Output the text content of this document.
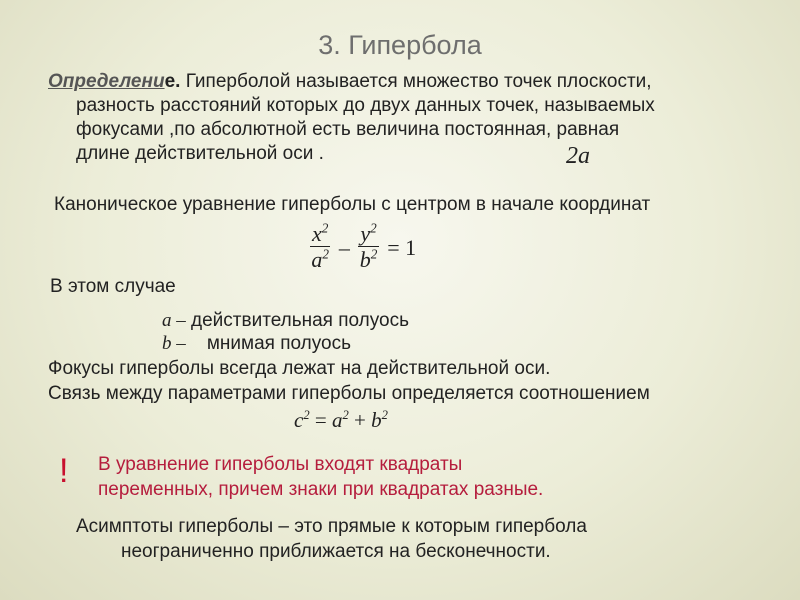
3. Гипербола
Определение. Гиперболой называется множество точек плоскости,
разность расстояний которых до двух данных точек, называемых
фокусами ,по абсолютной есть величина постоянная, равная
длине действительной оси .	2a
Каноническое уравнение гиперболы с центром в начале координат
$\frac{x^2}{a^2} - \frac{y^2}{b^2} = 1$
В этом случае
a – действительная полуось
b –    мнимая полуось
Фокусы гиперболы всегда лежат на действительной оси.
Связь между параметрами гиперболы определяется соотношением
$c^2 = a^2 + b^2$
! В уравнение гиперболы входят квадраты
переменных, причем знаки при квадратах разные.
Асимптоты гиперболы – это прямые к которым гипербола
неограниченно приближается на бесконечности.
